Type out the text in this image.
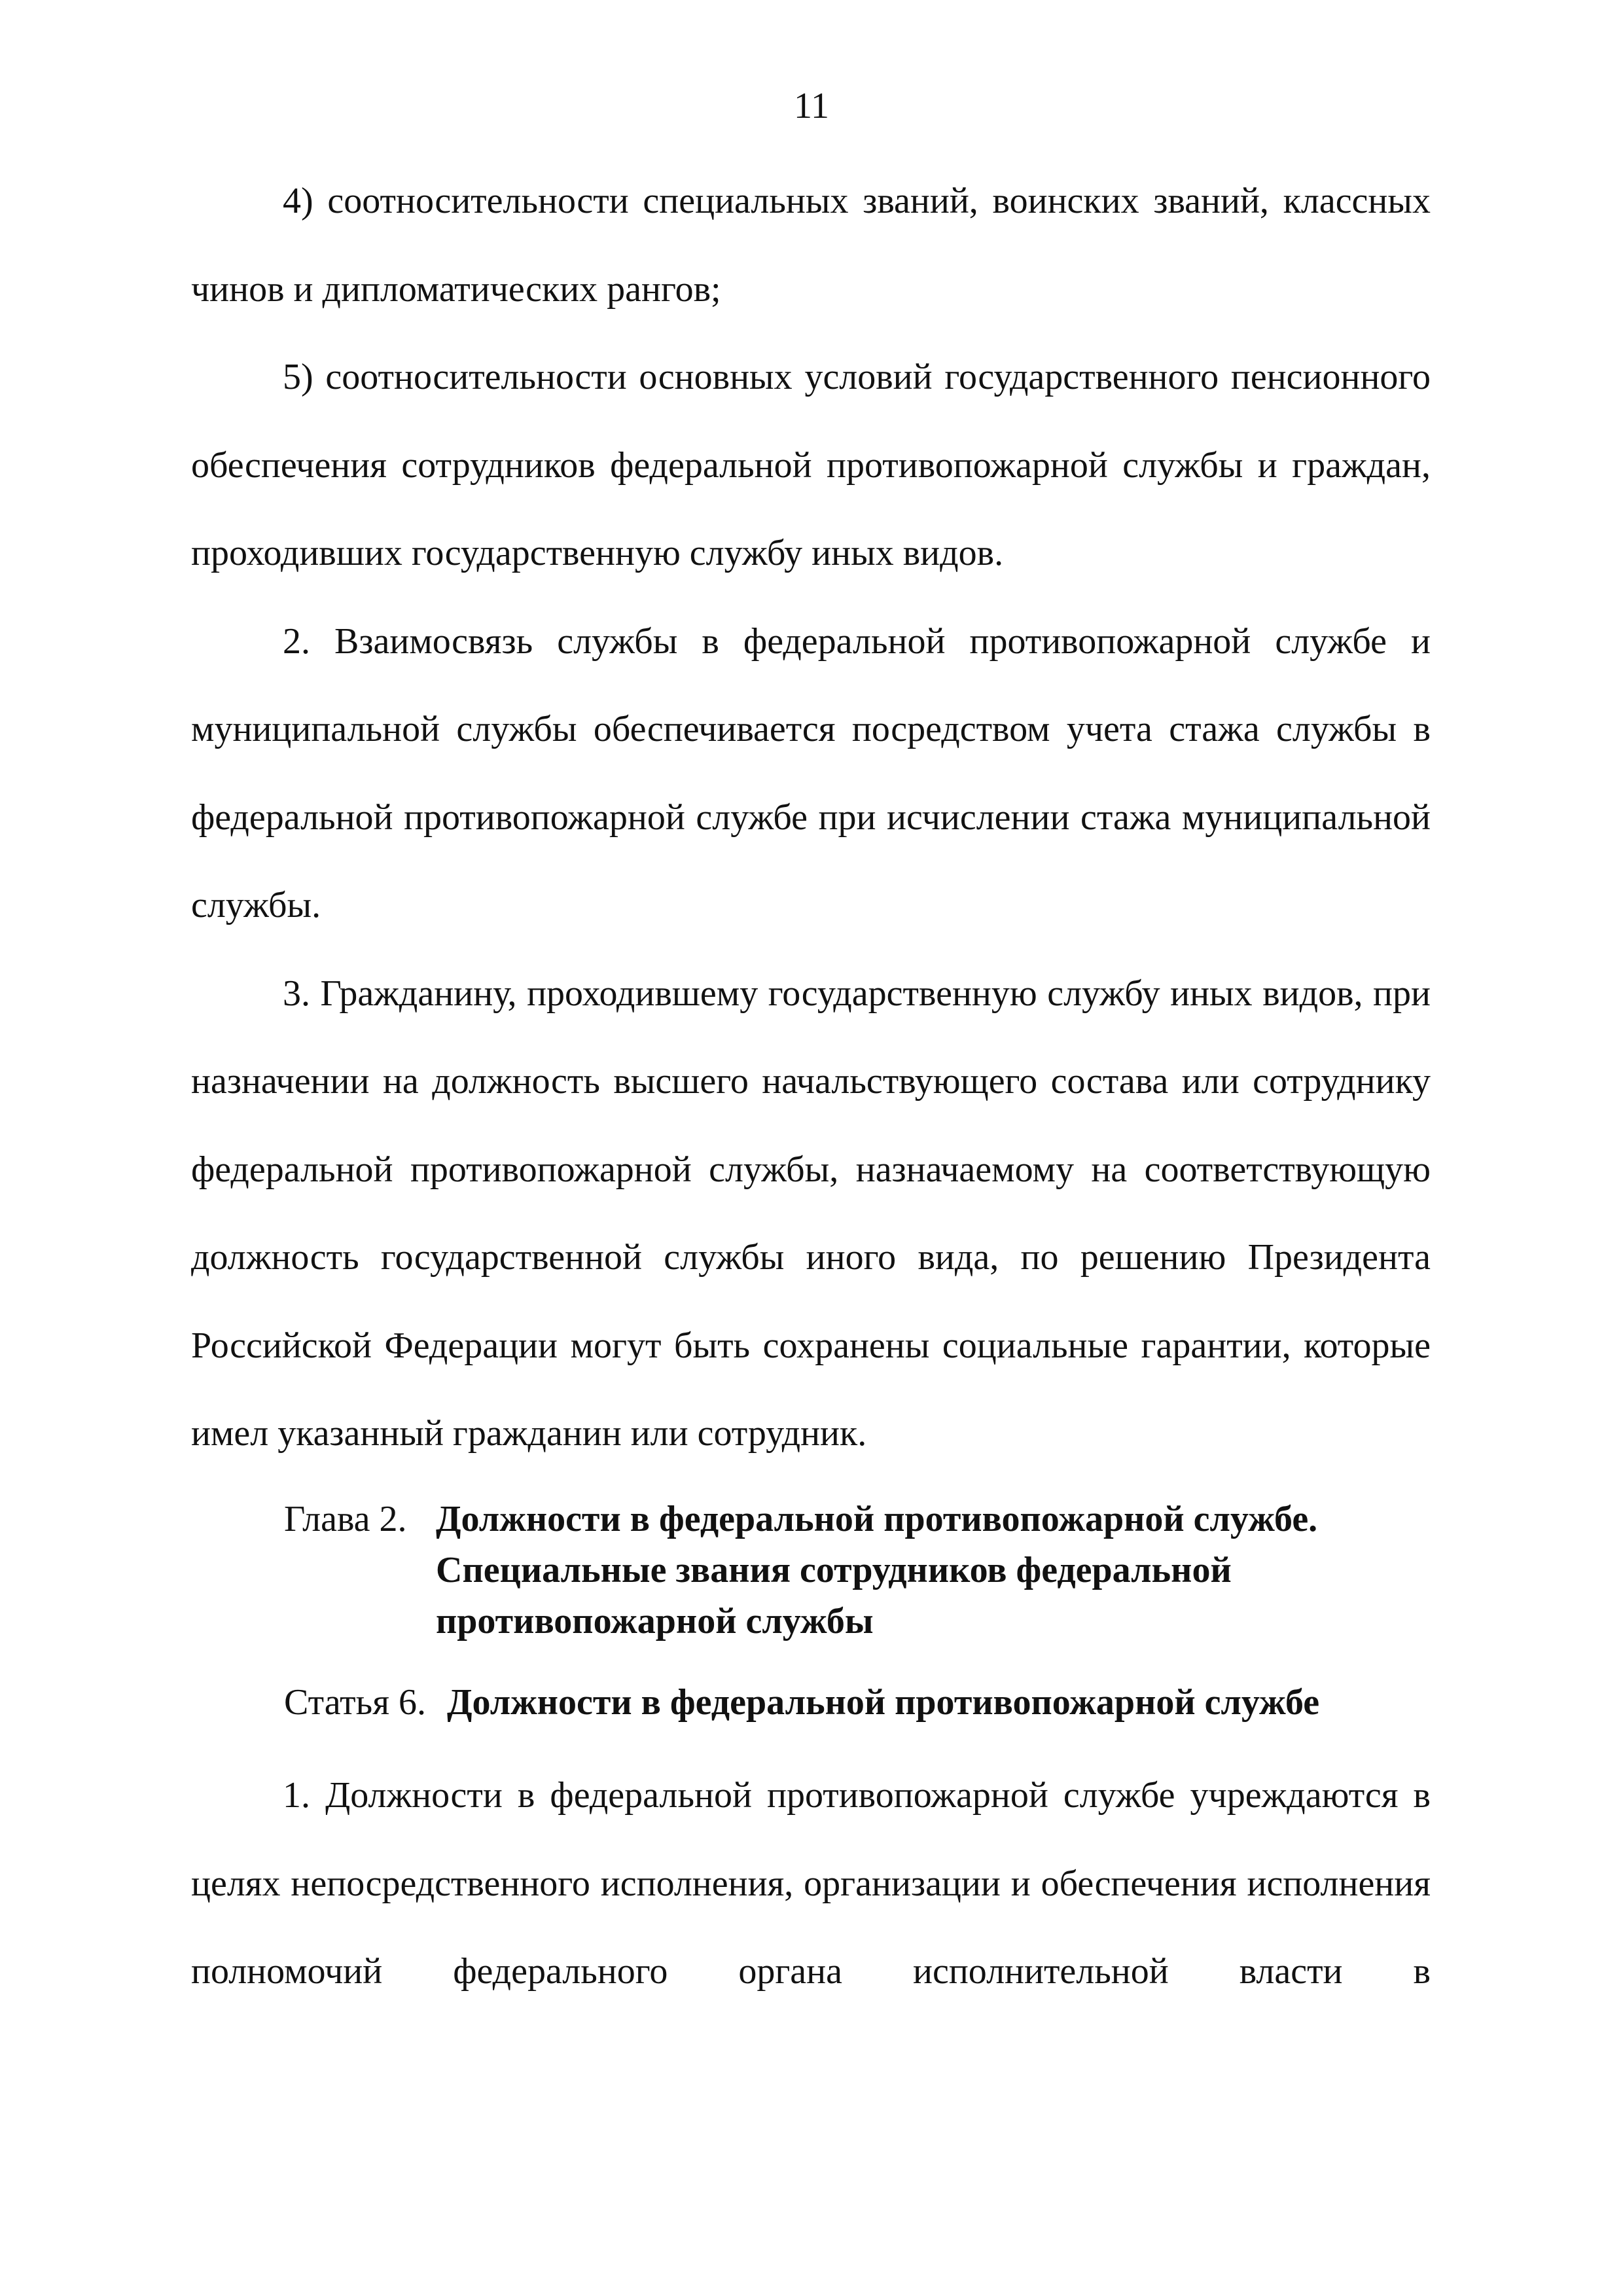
11

4) соотносительности специальных званий, воинских званий, классных чинов и дипломатических рангов;

5) соотносительности основных условий государственного пенсионного обеспечения сотрудников федеральной противопожарной службы и граждан, проходивших государственную службу иных видов.

2. Взаимосвязь службы в федеральной противопожарной службе и муниципальной службы обеспечивается посредством учета стажа службы в федеральной противопожарной службе при исчислении стажа муниципальной службы.

3. Гражданину, проходившему государственную службу иных видов, при назначении на должность высшего начальствующего состава или сотруднику федеральной противопожарной службы, назначаемому на соответствующую должность государственной службы иного вида, по решению Президента Российской Федерации могут быть сохранены социальные гарантии, которые имел указанный гражданин или сотрудник.

Глава 2. Должности в федеральной противопожарной службе.
Специальные звания сотрудников федеральной
противопожарной службы
Статья 6. Должности в федеральной противопожарной службе

1. Должности в федеральной противопожарной службе учреждаются в целях непосредственного исполнения, организации и обеспечения исполнения полномочий федерального органа исполнительной власти в
